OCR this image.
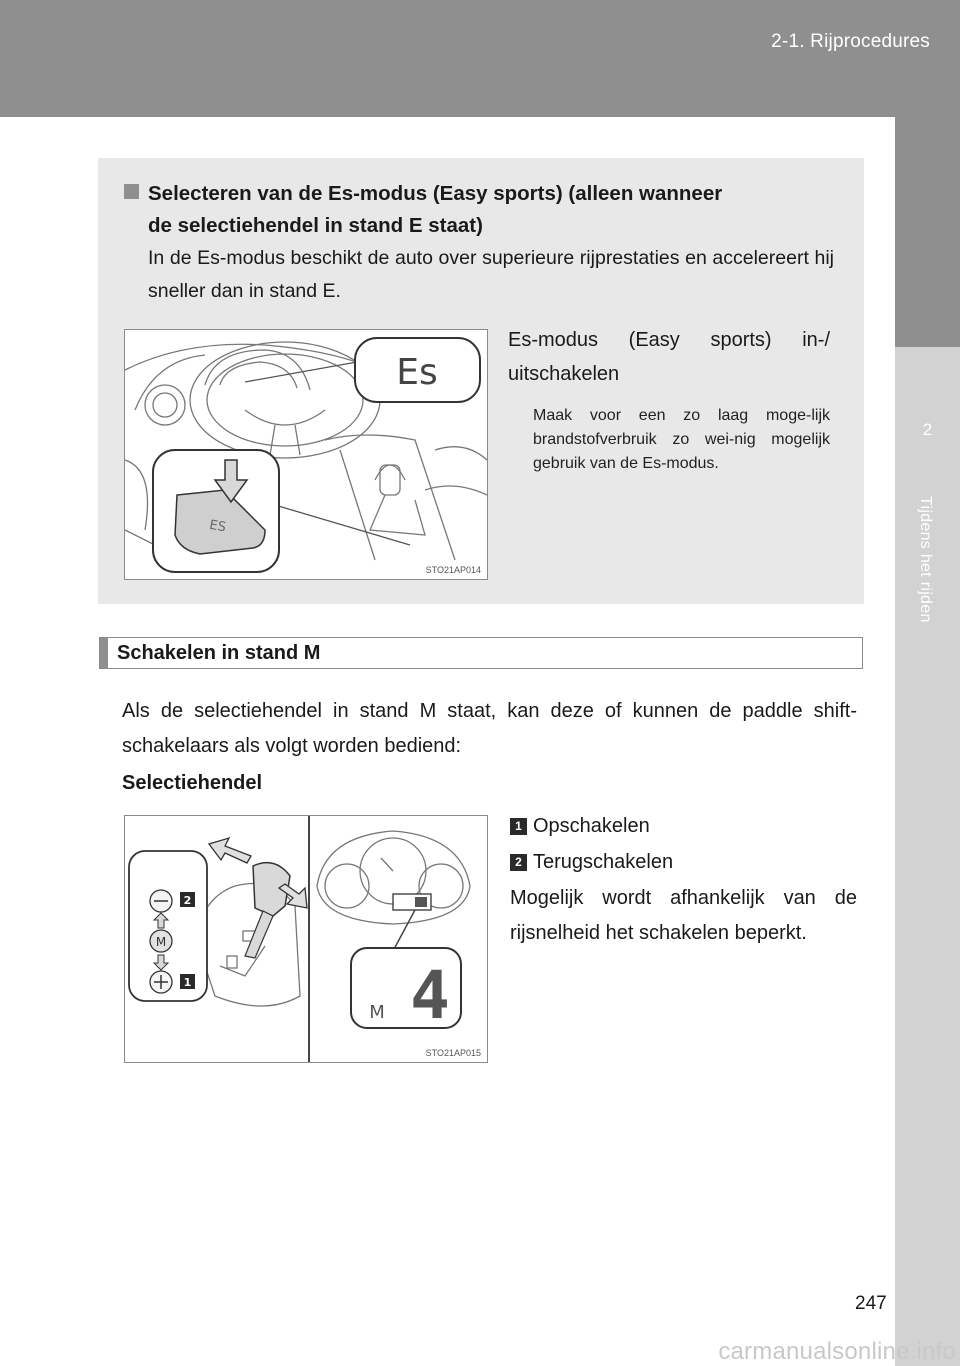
2-1. Rijprocedures
2
Tijdens het rijden
Selecteren van de Es-modus (Easy sports) (alleen wanneer
de selectiehendel in stand E staat)
In de Es-modus beschikt de auto over superieure rijprestaties en accelereert hij sneller dan in stand E.
Es
ES
STO21AP014
Es-modus (Easy sports) in-/ uitschakelen
Maak voor een zo laag moge-lijk brandstofverbruik zo wei-nig mogelijk gebruik van de Es-modus.
Schakelen in stand M
Als de selectiehendel in stand M staat, kan deze of kunnen de paddle shift-schakelaars als volgt worden bediend:
Selectiehendel
M
2
1	4
M
STO21AP015
1 Opschakelen
2 Terugschakelen
Mogelijk wordt afhankelijk van de rijsnelheid het schakelen beperkt.
247
carmanualsonline.info
